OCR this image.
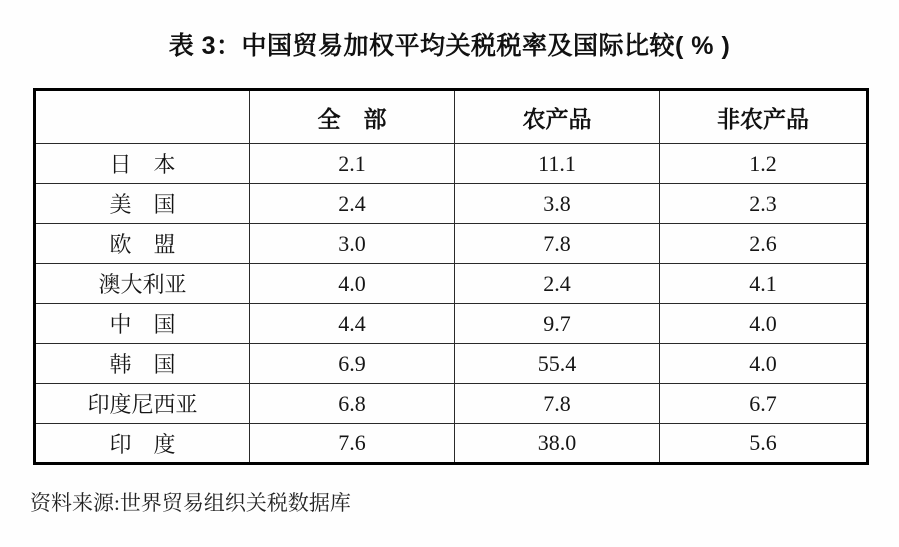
表 3：中国贸易加权平均关税税率及国际比较( % )
	全　部	农产品	非农产品
日　本	2.1	11.1	1.2
美　国	2.4	3.8	2.3
欧　盟	3.0	7.8	2.6
澳大利亚	4.0	2.4	4.1
中　国	4.4	9.7	4.0
韩　国	6.9	55.4	4.0
印度尼西亚	6.8	7.8	6.7
印　度	7.6	38.0	5.6
资料来源:世界贸易组织关税数据库
